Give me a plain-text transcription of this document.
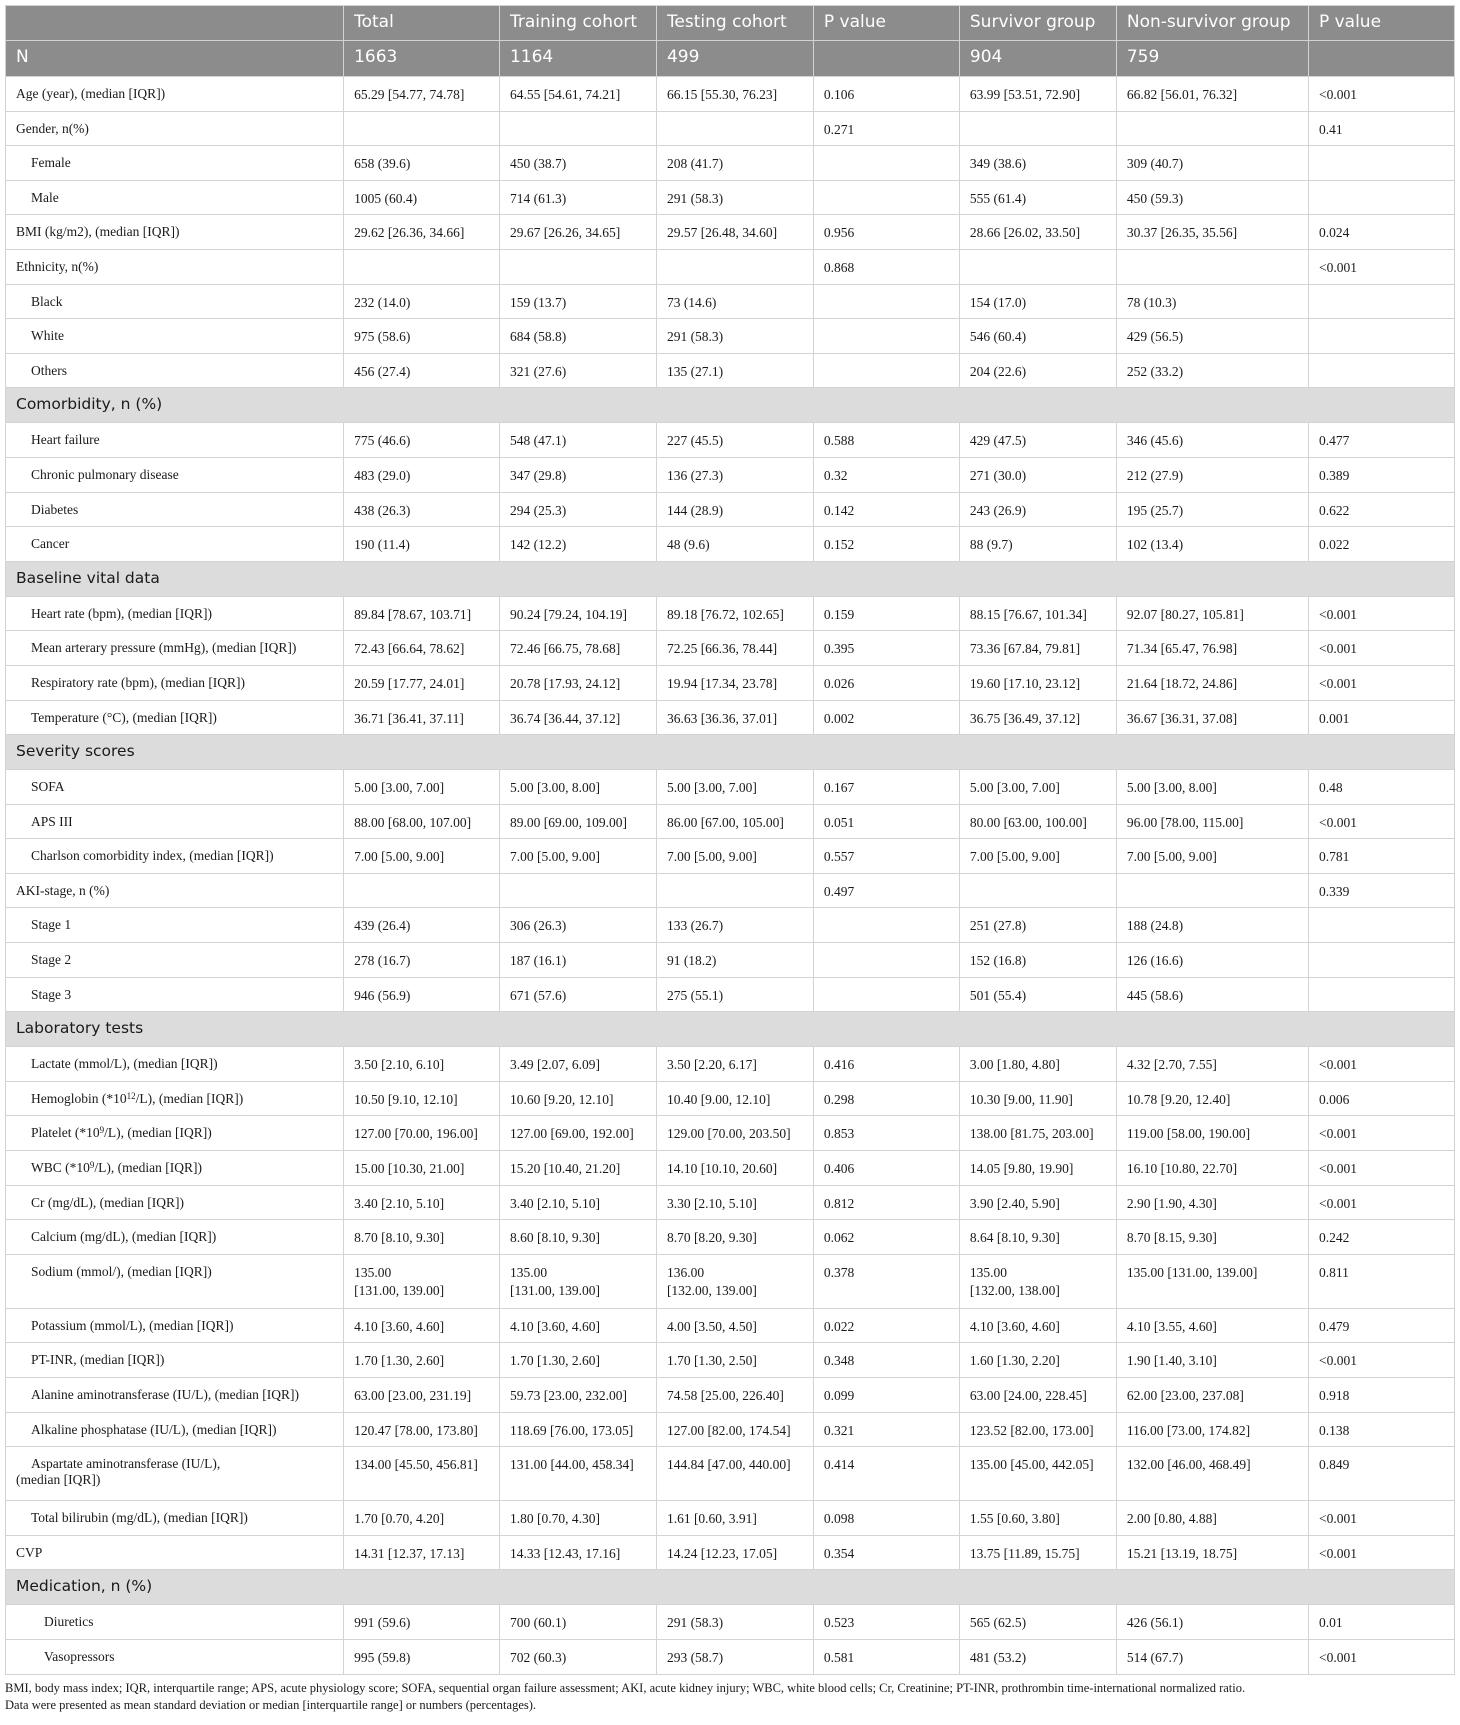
	Total	Training cohort	Testing cohort	P value	Survivor group	Non-survivor group	P value
N	1663	1164	499		904	759	
Age (year), (median [IQR])	65.29 [54.77, 74.78]	64.55 [54.61, 74.21]	66.15 [55.30, 76.23]	0.106	63.99 [53.51, 72.90]	66.82 [56.01, 76.32]	<0.001
Gender, n(%)				0.271			0.41
Female	658 (39.6)	450 (38.7)	208 (41.7)		349 (38.6)	309 (40.7)	
Male	1005 (60.4)	714 (61.3)	291 (58.3)		555 (61.4)	450 (59.3)	
BMI (kg/m2), (median [IQR])	29.62 [26.36, 34.66]	29.67 [26.26, 34.65]	29.57 [26.48, 34.60]	0.956	28.66 [26.02, 33.50]	30.37 [26.35, 35.56]	0.024
Ethnicity, n(%)				0.868			<0.001
Black	232 (14.0)	159 (13.7)	73 (14.6)		154 (17.0)	78 (10.3)	
White	975 (58.6)	684 (58.8)	291 (58.3)		546 (60.4)	429 (56.5)	
Others	456 (27.4)	321 (27.6)	135 (27.1)		204 (22.6)	252 (33.2)	
Comorbidity, n (%)							
Heart failure	775 (46.6)	548 (47.1)	227 (45.5)	0.588	429 (47.5)	346 (45.6)	0.477
Chronic pulmonary disease	483 (29.0)	347 (29.8)	136 (27.3)	0.32	271 (30.0)	212 (27.9)	0.389
Diabetes	438 (26.3)	294 (25.3)	144 (28.9)	0.142	243 (26.9)	195 (25.7)	0.622
Cancer	190 (11.4)	142 (12.2)	48 (9.6)	0.152	88 (9.7)	102 (13.4)	0.022
Baseline vital data							
Heart rate (bpm), (median [IQR])	89.84 [78.67, 103.71]	90.24 [79.24, 104.19]	89.18 [76.72, 102.65]	0.159	88.15 [76.67, 101.34]	92.07 [80.27, 105.81]	<0.001
Mean arterary pressure (mmHg), (median [IQR])	72.43 [66.64, 78.62]	72.46 [66.75, 78.68]	72.25 [66.36, 78.44]	0.395	73.36 [67.84, 79.81]	71.34 [65.47, 76.98]	<0.001
Respiratory rate (bpm), (median [IQR])	20.59 [17.77, 24.01]	20.78 [17.93, 24.12]	19.94 [17.34, 23.78]	0.026	19.60 [17.10, 23.12]	21.64 [18.72, 24.86]	<0.001
Temperature (°C), (median [IQR])	36.71 [36.41, 37.11]	36.74 [36.44, 37.12]	36.63 [36.36, 37.01]	0.002	36.75 [36.49, 37.12]	36.67 [36.31, 37.08]	0.001
Severity scores							
SOFA	5.00 [3.00, 7.00]	5.00 [3.00, 8.00]	5.00 [3.00, 7.00]	0.167	5.00 [3.00, 7.00]	5.00 [3.00, 8.00]	0.48
APS III	88.00 [68.00, 107.00]	89.00 [69.00, 109.00]	86.00 [67.00, 105.00]	0.051	80.00 [63.00, 100.00]	96.00 [78.00, 115.00]	<0.001
Charlson comorbidity index, (median [IQR])	7.00 [5.00, 9.00]	7.00 [5.00, 9.00]	7.00 [5.00, 9.00]	0.557	7.00 [5.00, 9.00]	7.00 [5.00, 9.00]	0.781
AKI-stage, n (%)				0.497			0.339
Stage 1	439 (26.4)	306 (26.3)	133 (26.7)		251 (27.8)	188 (24.8)	
Stage 2	278 (16.7)	187 (16.1)	91 (18.2)		152 (16.8)	126 (16.6)	
Stage 3	946 (56.9)	671 (57.6)	275 (55.1)		501 (55.4)	445 (58.6)	
Laboratory tests							
Lactate (mmol/L), (median [IQR])	3.50 [2.10, 6.10]	3.49 [2.07, 6.09]	3.50 [2.20, 6.17]	0.416	3.00 [1.80, 4.80]	4.32 [2.70, 7.55]	<0.001
Hemoglobin $(*10^{12}/L)$, (median [IQR])	10.50 [9.10, 12.10]	10.60 [9.20, 12.10]	10.40 [9.00, 12.10]	0.298	10.30 [9.00, 11.90]	10.78 [9.20, 12.40]	0.006
Platelet $(*10^9/L)$, (median [IQR])	127.00 [70.00, 196.00]	127.00 [69.00, 192.00]	129.00 [70.00, 203.50]	0.853	138.00 [81.75, 203.00]	119.00 [58.00, 190.00]	<0.001
WBC $(*10^9/L)$, (median [IQR])	15.00 [10.30, 21.00]	15.20 [10.40, 21.20]	14.10 [10.10, 20.60]	0.406	14.05 [9.80, 19.90]	16.10 [10.80, 22.70]	<0.001
Cr (mg/dL), (median [IQR])	3.40 [2.10, 5.10]	3.40 [2.10, 5.10]	3.30 [2.10, 5.10]	0.812	3.90 [2.40, 5.90]	2.90 [1.90, 4.30]	<0.001
Calcium (mg/dL), (median [IQR])	8.70 [8.10, 9.30]	8.60 [8.10, 9.30]	8.70 [8.20, 9.30]	0.062	8.64 [8.10, 9.30]	8.70 [8.15, 9.30]	0.242
Sodium (mmol/), (median [IQR])	135.00
[131.00, 139.00]	135.00
[131.00, 139.00]	136.00
[132.00, 139.00]	0.378	135.00
[132.00, 138.00]	135.00 [131.00, 139.00]	0.811
Potassium (mmol/L), (median [IQR])	4.10 [3.60, 4.60]	4.10 [3.60, 4.60]	4.00 [3.50, 4.50]	0.022	4.10 [3.60, 4.60]	4.10 [3.55, 4.60]	0.479
PT-INR, (median [IQR])	1.70 [1.30, 2.60]	1.70 [1.30, 2.60]	1.70 [1.30, 2.50]	0.348	1.60 [1.30, 2.20]	1.90 [1.40, 3.10]	<0.001
Alanine aminotransferase (IU/L), (median [IQR])	63.00 [23.00, 231.19]	59.73 [23.00, 232.00]	74.58 [25.00, 226.40]	0.099	63.00 [24.00, 228.45]	62.00 [23.00, 237.08]	0.918
Alkaline phosphatase (IU/L), (median [IQR])	120.47 [78.00, 173.80]	118.69 [76.00, 173.05]	127.00 [82.00, 174.54]	0.321	123.52 [82.00, 173.00]	116.00 [73.00, 174.82]	0.138
Aspartate aminotransferase (IU/L),
(median [IQR])	134.00 [45.50, 456.81]	131.00 [44.00, 458.34]	144.84 [47.00, 440.00]	0.414	135.00 [45.00, 442.05]	132.00 [46.00, 468.49]	0.849
Total bilirubin (mg/dL), (median [IQR])	1.70 [0.70, 4.20]	1.80 [0.70, 4.30]	1.61 [0.60, 3.91]	0.098	1.55 [0.60, 3.80]	2.00 [0.80, 4.88]	<0.001
CVP	14.31 [12.37, 17.13]	14.33 [12.43, 17.16]	14.24 [12.23, 17.05]	0.354	13.75 [11.89, 15.75]	15.21 [13.19, 18.75]	<0.001
Medication, n (%)							
Diuretics	991 (59.6)	700 (60.1)	291 (58.3)	0.523	565 (62.5)	426 (56.1)	0.01
Vasopressors	995 (59.8)	702 (60.3)	293 (58.7)	0.581	481 (53.2)	514 (67.7)	<0.001
BMI, body mass index; IQR, interquartile range; APS, acute physiology score; SOFA, sequential organ failure assessment; AKI, acute kidney injury; WBC, white blood cells; Cr, Creatinine; PT-INR, prothrombin time-international normalized ratio.
Data were presented as mean standard deviation or median [interquartile range] or numbers (percentages).
